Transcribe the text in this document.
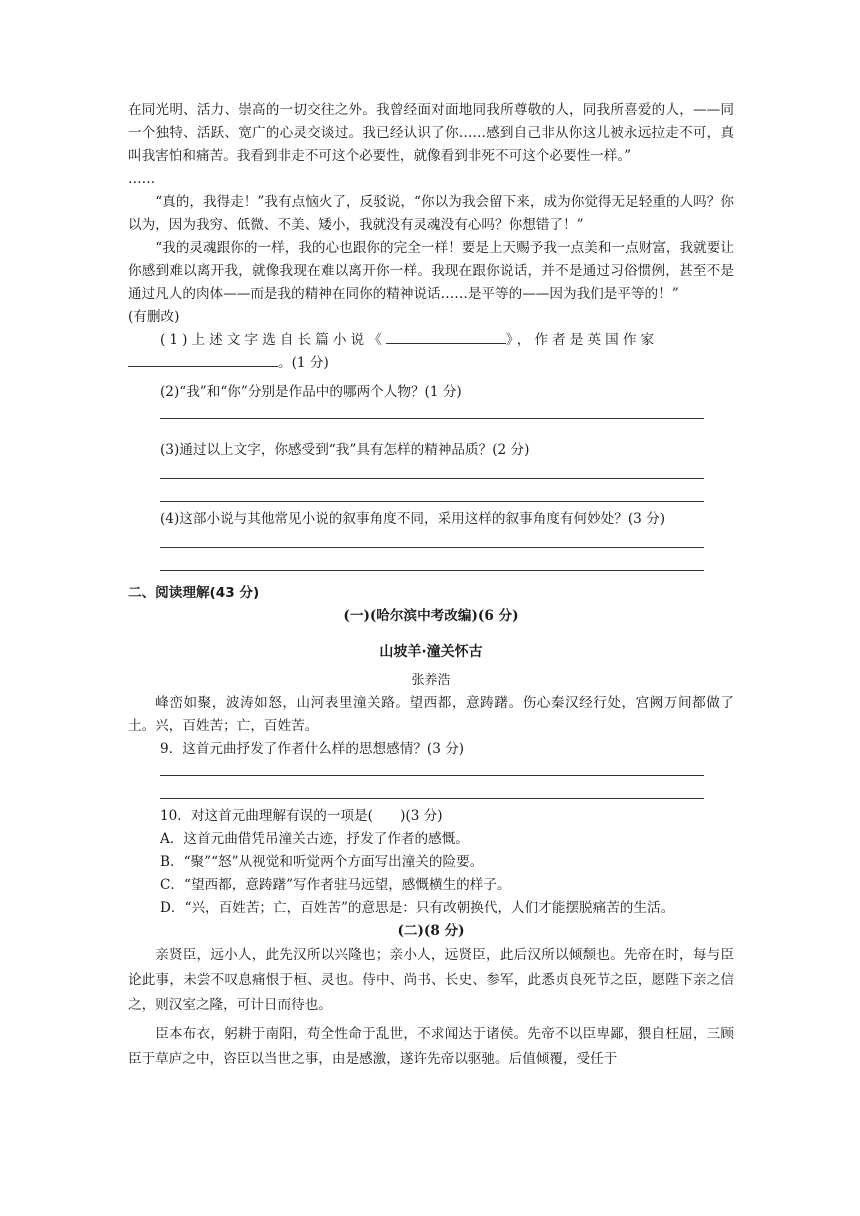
在同光明、活力、崇高的一切交往之外。我曾经面对面地同我所尊敬的人，同我所喜爱的人，——同一个独特、活跃、宽广的心灵交谈过。我已经认识了你……感到自己非从你这儿被永远拉走不可，真叫我害怕和痛苦。我看到非走不可这个必要性，就像看到非死不可这个必要性一样。”

……

“真的，我得走！”我有点恼火了，反驳说，“你以为我会留下来，成为你觉得无足轻重的人吗？你以为，因为我穷、低微、不美、矮小，我就没有灵魂没有心吗？你想错了！”

“我的灵魂跟你的一样，我的心也跟你的完全一样！要是上天赐予我一点美和一点财富，我就要让你感到难以离开我，就像我现在难以离开你一样。我现在跟你说话，并不是通过习俗惯例，甚至不是通过凡人的肉体——而是我的精神在同你的精神说话……是平等的——因为我们是平等的！”

(有删改)

(1)上述文字选自长篇小说《	》，作者是英国作家

。(1 分)

(2)“我”和“你”分别是作品中的哪两个人物？(1 分)

(3)通过以上文字，你感受到“我”具有怎样的精神品质？(2 分)

(4)这部小说与其他常见小说的叙事角度不同，采用这样的叙事角度有何妙处？(3 分)

二、阅读理解(43 分)
(一)(哈尔滨中考改编)(6 分)
山坡羊·潼关怀古
张养浩

峰峦如聚，波涛如怒，山河表里潼关路。望西都，意踌躇。伤心秦汉经行处，宫阙万间都做了土。兴，百姓苦；亡，百姓苦。

9．这首元曲抒发了作者什么样的思想感情？(3 分)

10．对这首元曲理解有误的一项是(　　)(3 分)

A．这首元曲借凭吊潼关古迹，抒发了作者的感慨。

B．“聚”“怒”从视觉和听觉两个方面写出潼关的险要。

C．“望西都，意踌躇”写作者驻马远望，感慨横生的样子。

D．“兴，百姓苦；亡，百姓苦”的意思是：只有改朝换代，人们才能摆脱痛苦的生活。

(二)(8 分)

亲贤臣，远小人，此先汉所以兴隆也；亲小人，远贤臣，此后汉所以倾颓也。先帝在时，每与臣论此事，未尝不叹息痛恨于桓、灵也。侍中、尚书、长史、参军，此悉贞良死节之臣，愿陛下亲之信之，则汉室之隆，可计日而待也。

臣本布衣，躬耕于南阳，苟全性命于乱世，不求闻达于诸侯。先帝不以臣卑鄙，猥自枉屈，三顾臣于草庐之中，咨臣以当世之事，由是感激，遂许先帝以驱驰。后值倾覆，受任于
